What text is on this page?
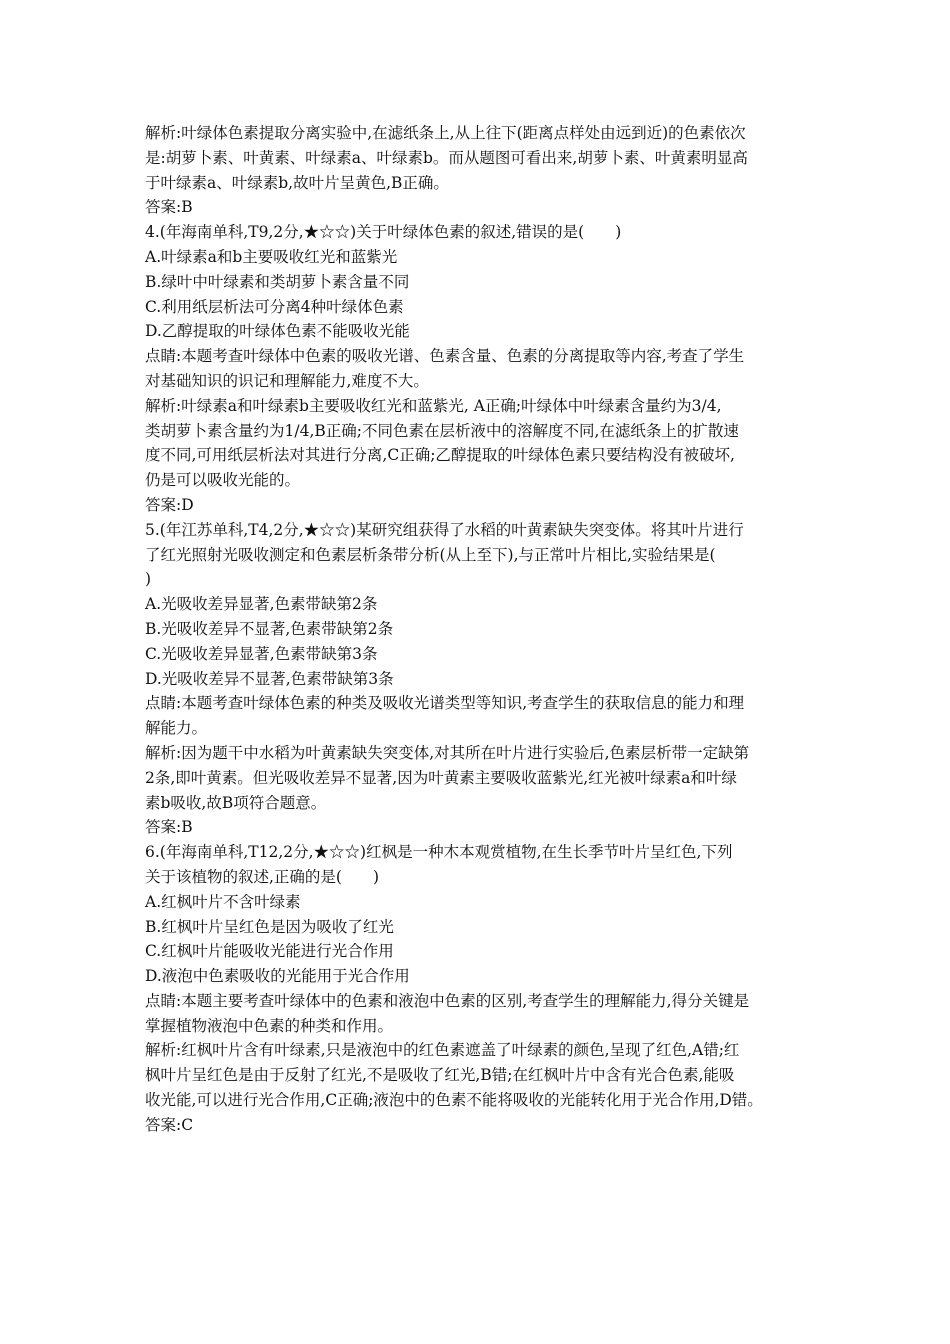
解析:叶绿体色素提取分离实验中,在滤纸条上,从上往下(距离点样处由远到近)的色素依次
是:胡萝卜素、叶黄素、叶绿素a、叶绿素b。而从题图可看出来,胡萝卜素、叶黄素明显高
于叶绿素a、叶绿素b,故叶片呈黄色,B正确。
答案:B
4.(年海南单科,T9,2分,★☆☆)关于叶绿体色素的叙述,错误的是(　　)
A.叶绿素a和b主要吸收红光和蓝紫光
B.绿叶中叶绿素和类胡萝卜素含量不同
C.利用纸层析法可分离4种叶绿体色素
D.乙醇提取的叶绿体色素不能吸收光能
点睛:本题考查叶绿体中色素的吸收光谱、色素含量、色素的分离提取等内容,考查了学生
对基础知识的识记和理解能力,难度不大。
解析:叶绿素a和叶绿素b主要吸收红光和蓝紫光, A正确;叶绿体中叶绿素含量约为3/4,
类胡萝卜素含量约为1/4,B正确;不同色素在层析液中的溶解度不同,在滤纸条上的扩散速
度不同,可用纸层析法对其进行分离,C正确;乙醇提取的叶绿体色素只要结构没有被破坏,
仍是可以吸收光能的。
答案:D
5.(年江苏单科,T4,2分,★☆☆)某研究组获得了水稻的叶黄素缺失突变体。将其叶片进行
了红光照射光吸收测定和色素层析条带分析(从上至下),与正常叶片相比,实验结果是(
)
A.光吸收差异显著,色素带缺第2条
B.光吸收差异不显著,色素带缺第2条
C.光吸收差异显著,色素带缺第3条
D.光吸收差异不显著,色素带缺第3条
点睛:本题考查叶绿体色素的种类及吸收光谱类型等知识,考查学生的获取信息的能力和理
解能力。
解析:因为题干中水稻为叶黄素缺失突变体,对其所在叶片进行实验后,色素层析带一定缺第
2条,即叶黄素。但光吸收差异不显著,因为叶黄素主要吸收蓝紫光,红光被叶绿素a和叶绿
素b吸收,故B项符合题意。
答案:B
6.(年海南单科,T12,2分,★☆☆)红枫是一种木本观赏植物,在生长季节叶片呈红色,下列
关于该植物的叙述,正确的是(　　)
A.红枫叶片不含叶绿素
B.红枫叶片呈红色是因为吸收了红光
C.红枫叶片能吸收光能进行光合作用
D.液泡中色素吸收的光能用于光合作用
点睛:本题主要考查叶绿体中的色素和液泡中色素的区别,考查学生的理解能力,得分关键是
掌握植物液泡中色素的种类和作用。
解析:红枫叶片含有叶绿素,只是液泡中的红色素遮盖了叶绿素的颜色,呈现了红色,A错;红
枫叶片呈红色是由于反射了红光,不是吸收了红光,B错;在红枫叶片中含有光合色素,能吸
收光能,可以进行光合作用,C正确;液泡中的色素不能将吸收的光能转化用于光合作用,D错。
答案:C
